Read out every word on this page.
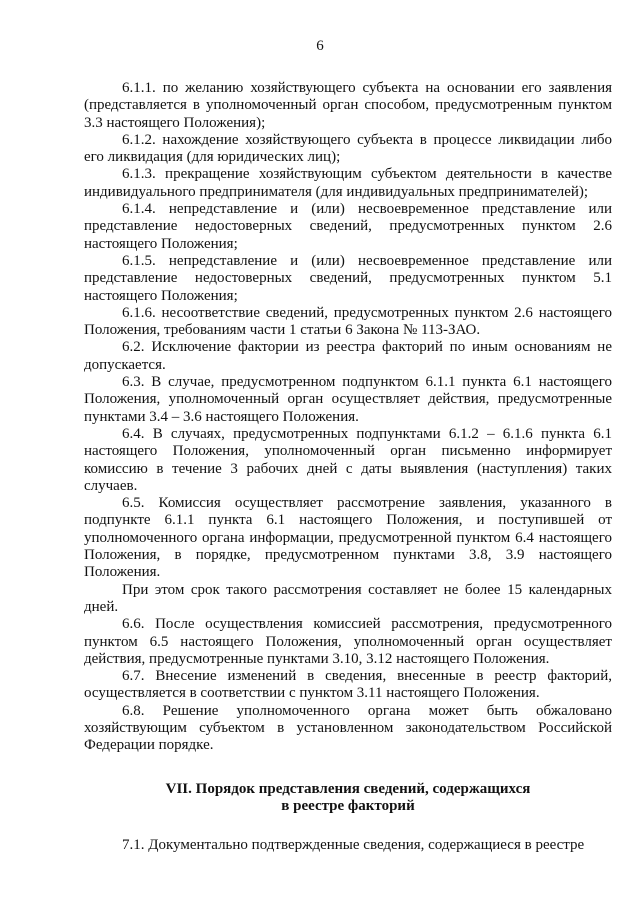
6

6.1.1. по желанию хозяйствующего субъекта на основании его заявления (представляется в уполномоченный орган способом, предусмотренным пунктом 3.3 настоящего Положения);

6.1.2. нахождение хозяйствующего субъекта в процессе ликвидации либо его ликвидация (для юридических лиц);

6.1.3. прекращение хозяйствующим субъектом деятельности в качестве индивидуального предпринимателя (для индивидуальных предпринимателей);

6.1.4. непредставление и (или) несвоевременное представление или представление недостоверных сведений, предусмотренных пунктом 2.6 настоящего Положения;

6.1.5. непредставление и (или) несвоевременное представление или представление недостоверных сведений, предусмотренных пунктом 5.1 настоящего Положения;

6.1.6. несоответствие сведений, предусмотренных пунктом 2.6 настоящего Положения, требованиям части 1 статьи 6 Закона № 113-ЗАО.

6.2. Исключение фактории из реестра факторий по иным основаниям не допускается.

6.3. В случае, предусмотренном подпунктом 6.1.1 пункта 6.1 настоящего Положения, уполномоченный орган осуществляет действия, предусмотренные пунктами 3.4 – 3.6 настоящего Положения.

6.4. В случаях, предусмотренных подпунктами 6.1.2 – 6.1.6 пункта 6.1 настоящего Положения, уполномоченный орган письменно информирует комиссию в течение 3 рабочих дней с даты выявления (наступления) таких случаев.

6.5. Комиссия осуществляет рассмотрение заявления, указанного в подпункте 6.1.1 пункта 6.1 настоящего Положения, и поступившей от уполномоченного органа информации, предусмотренной пунктом 6.4 настоящего Положения, в порядке, предусмотренном пунктами 3.8, 3.9 настоящего Положения.

При этом срок такого рассмотрения составляет не более 15 календарных дней.

6.6. После осуществления комиссией рассмотрения, предусмотренного пунктом 6.5 настоящего Положения, уполномоченный орган осуществляет действия, предусмотренные пунктами 3.10, 3.12 настоящего Положения.

6.7. Внесение изменений в сведения, внесенные в реестр факторий, осуществляется в соответствии с пунктом 3.11 настоящего Положения.

6.8. Решение уполномоченного органа может быть обжаловано хозяйствующим субъектом в установленном законодательством Российской Федерации порядке.

VII. Порядок представления сведений, содержащихся
в реестре факторий

7.1. Документально подтвержденные сведения, содержащиеся в реестре
